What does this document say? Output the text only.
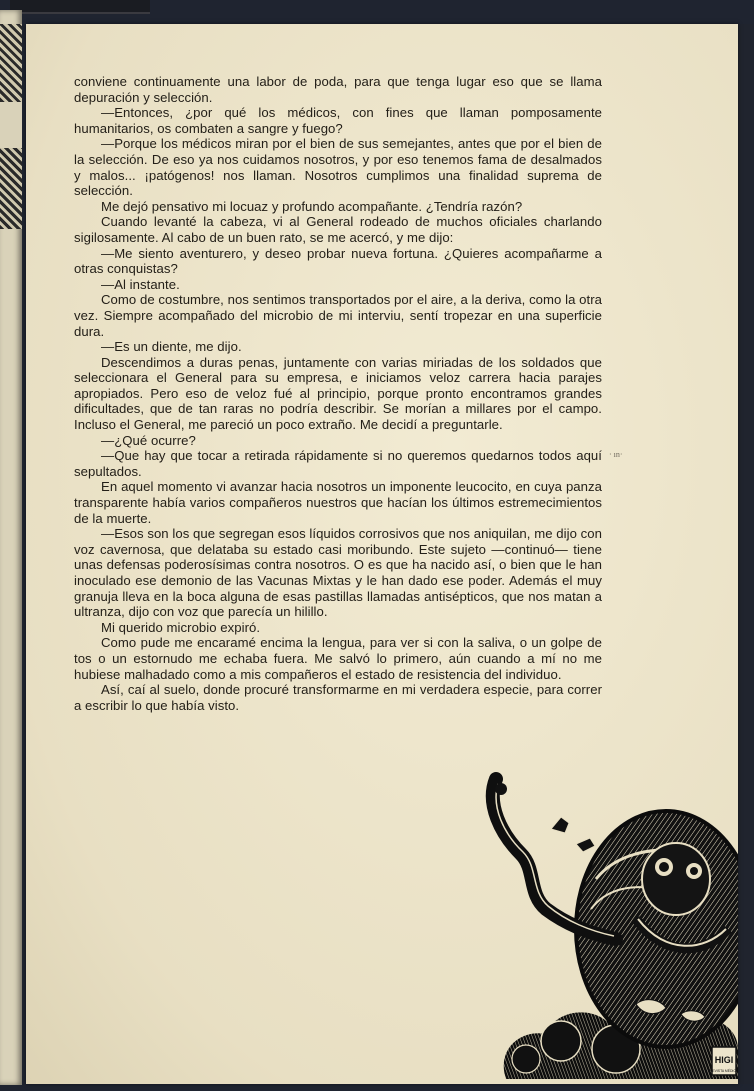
conviene continuamente una labor de poda, para que tenga lugar eso que se llama depuración y selección.

—Entonces, ¿por qué los médicos, con fines que llaman pomposamente humanitarios, os combaten a sangre y fuego?

—Porque los médicos miran por el bien de sus semejantes, antes que por el bien de la selección. De eso ya nos cuidamos nosotros, y por eso tenemos fama de desalmados y malos... ¡patógenos! nos llaman. Nosotros cumplimos una finalidad suprema de selección.

Me dejó pensativo mi locuaz y profundo acompañante. ¿Tendría razón?

Cuando levanté la cabeza, vi al General rodeado de muchos oficiales charlando sigilosamente. Al cabo de un buen rato, se me acercó, y me dijo:

—Me siento aventurero, y deseo probar nueva fortuna. ¿Quieres acompañarme a otras conquistas?

—Al instante.

Como de costumbre, nos sentimos transportados por el aire, a la deriva, como la otra vez. Siempre acompañado del microbio de mi interviu, sentí tropezar en una superficie dura.

—Es un diente, me dijo.

Descendimos a duras penas, juntamente con varias miriadas de los soldados que seleccionara el General para su empresa, e iniciamos veloz carrera hacia parajes apropiados. Pero eso de veloz fué al principio, porque pronto encontramos grandes dificultades, que de tan raras no podría describir. Se morían a millares por el campo. Incluso el General, me pareció un poco extraño. Me decidí a preguntarle.

—¿Qué ocurre?

—Que hay que tocar a retirada rápidamente si no queremos quedarnos todos aquí sepultados.

En aquel momento vi avanzar hacia nosotros un imponente leucocito, en cuya panza transparente había varios compañeros nuestros que hacían los últimos estremecimientos de la muerte.

—Esos son los que segregan esos líquidos corrosivos que nos aniquilan, me dijo con voz cavernosa, que delataba su estado casi moribundo. Este sujeto —continuó— tiene unas defensas poderosísimas contra nosotros. O es que ha nacido así, o bien que le han inoculado ese demonio de las Vacunas Mixtas y le han dado ese poder. Además el muy granuja lleva en la boca alguna de esas pastillas llamadas antisépticos, que nos matan a ultranza, dijo con voz que parecía un hilillo.

Mi querido microbio expiró.

Como pude me encaramé encima la lengua, para ver si con la saliva, o un golpe de tos o un estornudo me echaba fuera. Me salvó lo primero, aún cuando a mí no me hubiese malhadado como a mis compañeros el estado de resistencia del individuo.

Así, caí al suelo, donde procuré transformarme en mi verdadera especie, para correr a escribir lo que había visto.

· ın·
HIGI
REVISTA MÉDICA
